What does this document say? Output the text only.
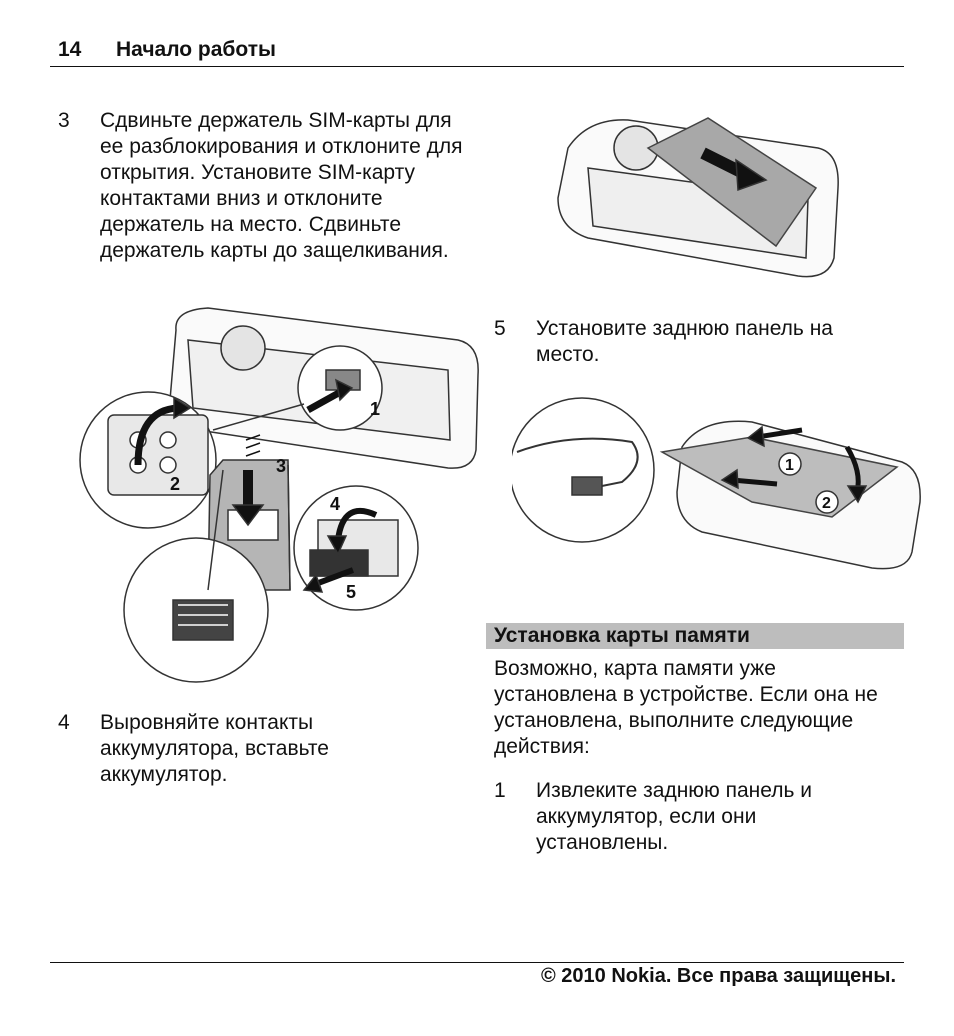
14 Начало работы
3 Сдвиньте держатель SIM-карты для ее разблокирования и отклоните для открытия. Установите SIM-карту контактами вниз и отклоните держатель на место. Сдвиньте держатель карты до защелкивания.
1
2
3
4
5
4 Выровняйте контакты аккумулятора, вставьте аккумулятор.
5 Установите заднюю панель на место.
1
2
Установка карты памяти
Возможно, карта памяти уже установлена в устройстве. Если она не установлена, выполните следующие действия:
1 Извлеките заднюю панель и аккумулятор, если они установлены.
© 2010 Nokia. Все права защищены.
